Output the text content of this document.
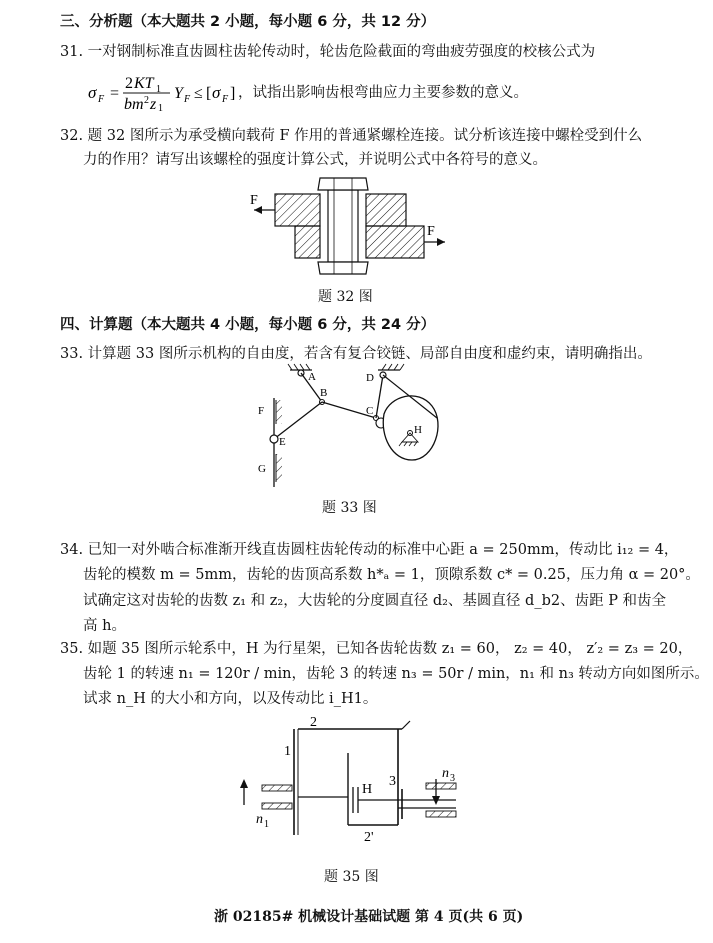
三、分析题（本大题共 2 小题，每小题 6 分，共 12 分）
31. 一对钢制标准直齿圆柱齿轮传动时，轮齿危险截面的弯曲疲劳强度的校核公式为
σ F =
2 KT 1
bm 2 z 1
Y F ≤ [ σ F ] ，试指出影响齿根弯曲应力主要参数的意义。
32. 题 32 图所示为承受横向载荷 F 作用的普通紧螺栓连接。试分析该连接中螺栓受到什么
力的作用？请写出该螺栓的强度计算公式，并说明公式中各符号的意义。
F
F
题 32 图
四、计算题（本大题共 4 小题，每小题 6 分，共 24 分）
33. 计算题 33 图所示机构的自由度，若含有复合铰链、局部自由度和虚约束，请明确指出。
A
B
C
D
H
E
F
G
题 33 图
34. 已知一对外啮合标准渐开线直齿圆柱齿轮传动的标准中心距 a = 250mm，传动比 i₁₂ = 4，
齿轮的模数 m = 5mm，齿轮的齿顶高系数 h*ₐ = 1，顶隙系数 c* = 0.25，压力角 α = 20°。
试确定这对齿轮的齿数 z₁ 和 z₂，大齿轮的分度圆直径 d₂、基圆直径 d_b2、齿距 P 和齿全
高 h。
35. 如题 35 图所示轮系中，H 为行星架，已知各齿轮齿数 z₁ = 60， z₂ = 40， z′₂ = z₃ = 20，
齿轮 1 的转速 n₁ = 120r / min，齿轮 3 的转速 n₃ = 50r / min，n₁ 和 n₃ 转动方向如图所示。
试求 n_H 的大小和方向，以及传动比 i_H1。
n 1
n 3
1
2
2'
3
H
题 35 图
浙 02185# 机械设计基础试题 第 4 页(共 6 页)
